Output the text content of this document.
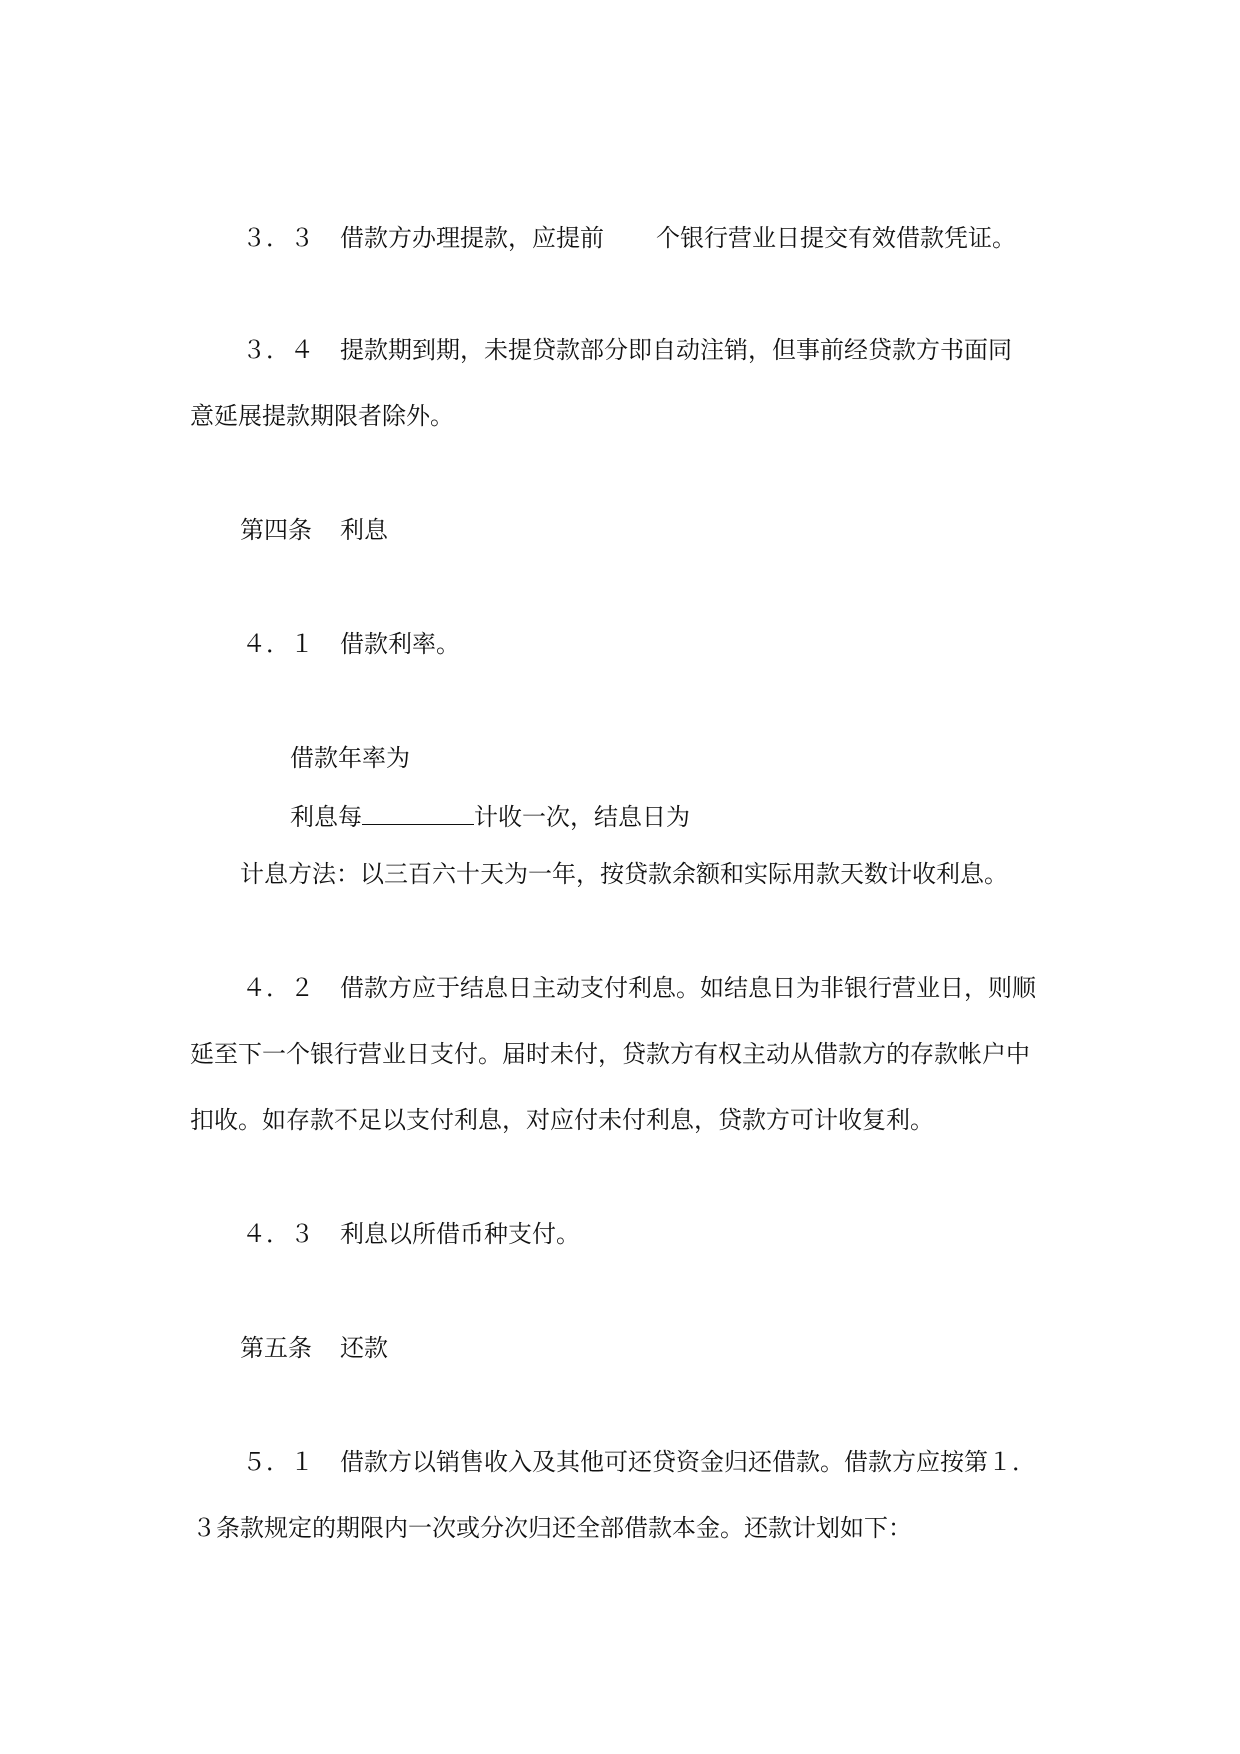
３．３ 借款方办理提款，应提前 个银行营业日提交有效借款凭证。

３．４ 提款期到期，未提贷款部分即自动注销，但事前经贷款方书面同

意延展提款期限者除外。

第四条 利息

４．１ 借款利率。

借款年率为

利息每	计收一次，结息日为

计息方法：以三百六十天为一年，按贷款余额和实际用款天数计收利息。

４．２ 借款方应于结息日主动支付利息。如结息日为非银行营业日，则顺

延至下一个银行营业日支付。届时未付，贷款方有权主动从借款方的存款帐户中

扣收。如存款不足以支付利息，对应付未付利息，贷款方可计收复利。

４．３ 利息以所借币种支付。

第五条 还款

５．１ 借款方以销售收入及其他可还贷资金归还借款。借款方应按第１．

３条款规定的期限内一次或分次归还全部借款本金。还款计划如下：
